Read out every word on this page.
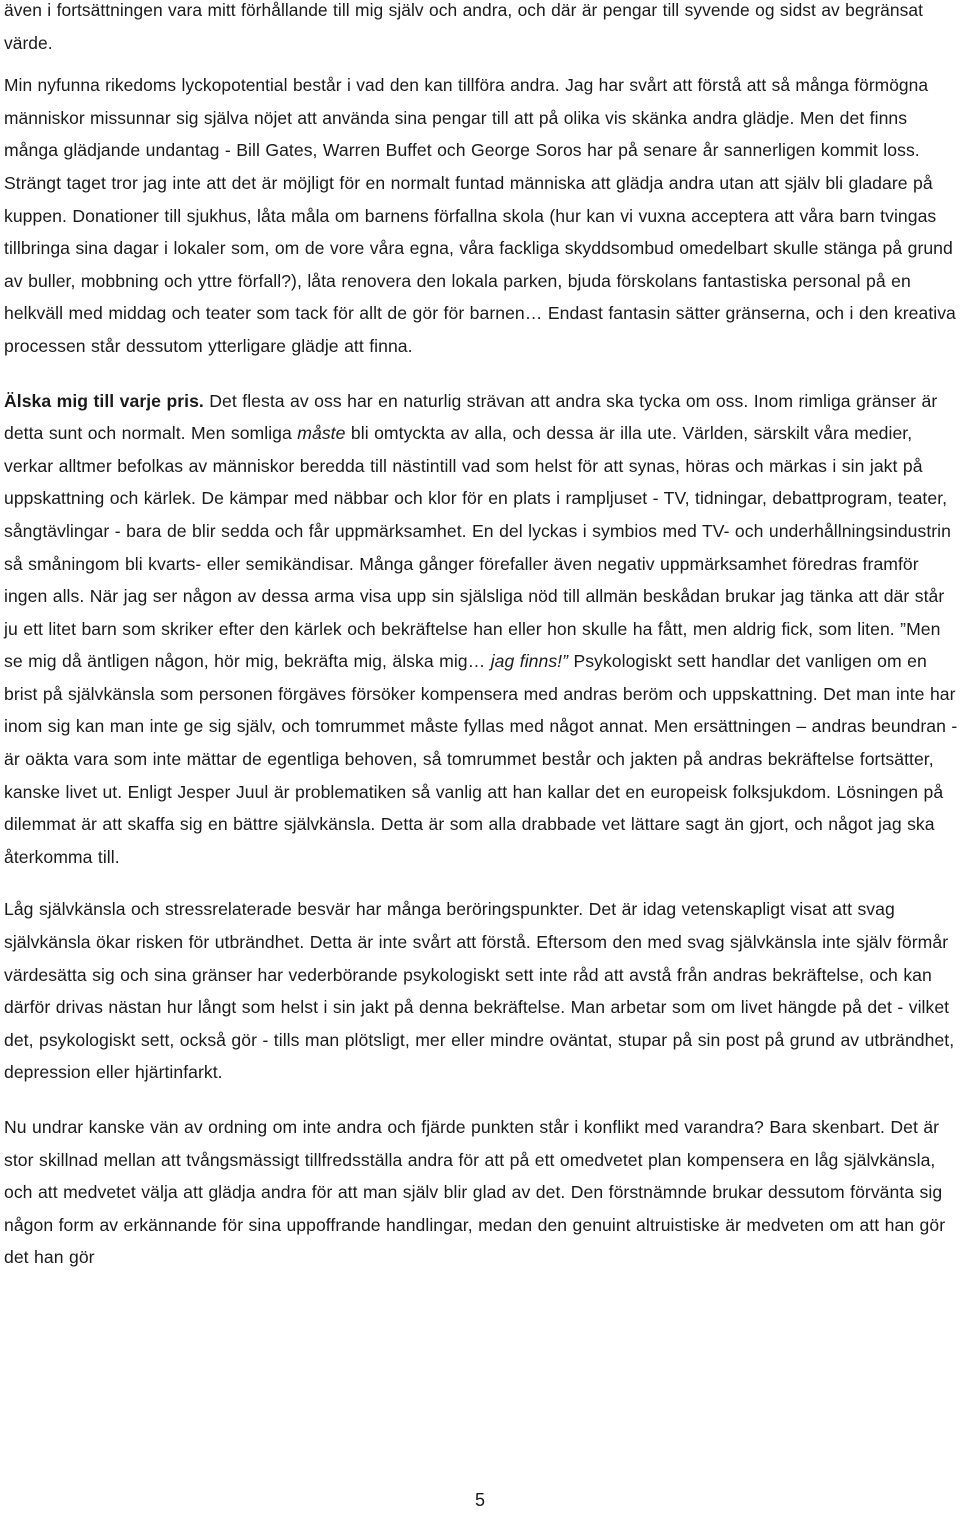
även i fortsättningen vara mitt förhållande till mig själv och andra, och där är pengar till syvende og sidst av begränsat värde.

Min nyfunna rikedoms lyckopotential består i vad den kan tillföra andra. Jag har svårt att förstå att så många förmögna människor missunnar sig själva nöjet att använda sina pengar till att på olika vis skänka andra glädje. Men det finns många glädjande undantag - Bill Gates, Warren Buffet och George Soros har på senare år sannerligen kommit loss. Strängt taget tror jag inte att det är möjligt för en normalt funtad människa att glädja andra utan att själv bli gladare på kuppen. Donationer till sjukhus, låta måla om barnens förfallna skola (hur kan vi vuxna acceptera att våra barn tvingas tillbringa sina dagar i lokaler som, om de vore våra egna, våra fackliga skyddsombud omedelbart skulle stänga på grund av buller, mobbning och yttre förfall?), låta renovera den lokala parken, bjuda förskolans fantastiska personal på en helkväll med middag och teater som tack för allt de gör för barnen… Endast fantasin sätter gränserna, och i den kreativa processen står dessutom ytterligare glädje att finna.

Älska mig till varje pris. Det flesta av oss har en naturlig strävan att andra ska tycka om oss. Inom rimliga gränser är detta sunt och normalt. Men somliga måste bli omtyckta av alla, och dessa är illa ute. Världen, särskilt våra medier, verkar alltmer befolkas av människor beredda till nästintill vad som helst för att synas, höras och märkas i sin jakt på uppskattning och kärlek. De kämpar med näbbar och klor för en plats i rampljuset - TV, tidningar, debattprogram, teater, sångtävlingar - bara de blir sedda och får uppmärksamhet. En del lyckas i symbios med TV- och underhållningsindustrin så småningom bli kvarts- eller semikändisar. Många gånger förefaller även negativ uppmärksamhet föredras framför ingen alls. När jag ser någon av dessa arma visa upp sin själsliga nöd till allmän beskådan brukar jag tänka att där står ju ett litet barn som skriker efter den kärlek och bekräftelse han eller hon skulle ha fått, men aldrig fick, som liten. ”Men se mig då äntligen någon, hör mig, bekräfta mig, älska mig… jag finns!” Psykologiskt sett handlar det vanligen om en brist på självkänsla som personen förgäves försöker kompensera med andras beröm och uppskattning. Det man inte har inom sig kan man inte ge sig själv, och tomrummet måste fyllas med något annat. Men ersättningen – andras beundran - är oäkta vara som inte mättar de egentliga behoven, så tomrummet består och jakten på andras bekräftelse fortsätter, kanske livet ut. Enligt Jesper Juul är problematiken så vanlig att han kallar det en europeisk folksjukdom. Lösningen på dilemmat är att skaffa sig en bättre självkänsla. Detta är som alla drabbade vet lättare sagt än gjort, och något jag ska återkomma till.

Låg självkänsla och stressrelaterade besvär har många beröringspunkter. Det är idag vetenskapligt visat att svag självkänsla ökar risken för utbrändhet. Detta är inte svårt att förstå. Eftersom den med svag självkänsla inte själv förmår värdesätta sig och sina gränser har vederbörande psykologiskt sett inte råd att avstå från andras bekräftelse, och kan därför drivas nästan hur långt som helst i sin jakt på denna bekräftelse. Man arbetar som om livet hängde på det - vilket det, psykologiskt sett, också gör - tills man plötsligt, mer eller mindre oväntat, stupar på sin post på grund av utbrändhet, depression eller hjärtinfarkt.

Nu undrar kanske vän av ordning om inte andra och fjärde punkten står i konflikt med varandra? Bara skenbart. Det är stor skillnad mellan att tvångsmässigt tillfredsställa andra för att på ett omedvetet plan kompensera en låg självkänsla, och att medvetet välja att glädja andra för att man själv blir glad av det. Den förstnämnde brukar dessutom förvänta sig någon form av erkännande för sina uppoffrande handlingar, medan den genuint altruistiske är medveten om att han gör det han gör

5
